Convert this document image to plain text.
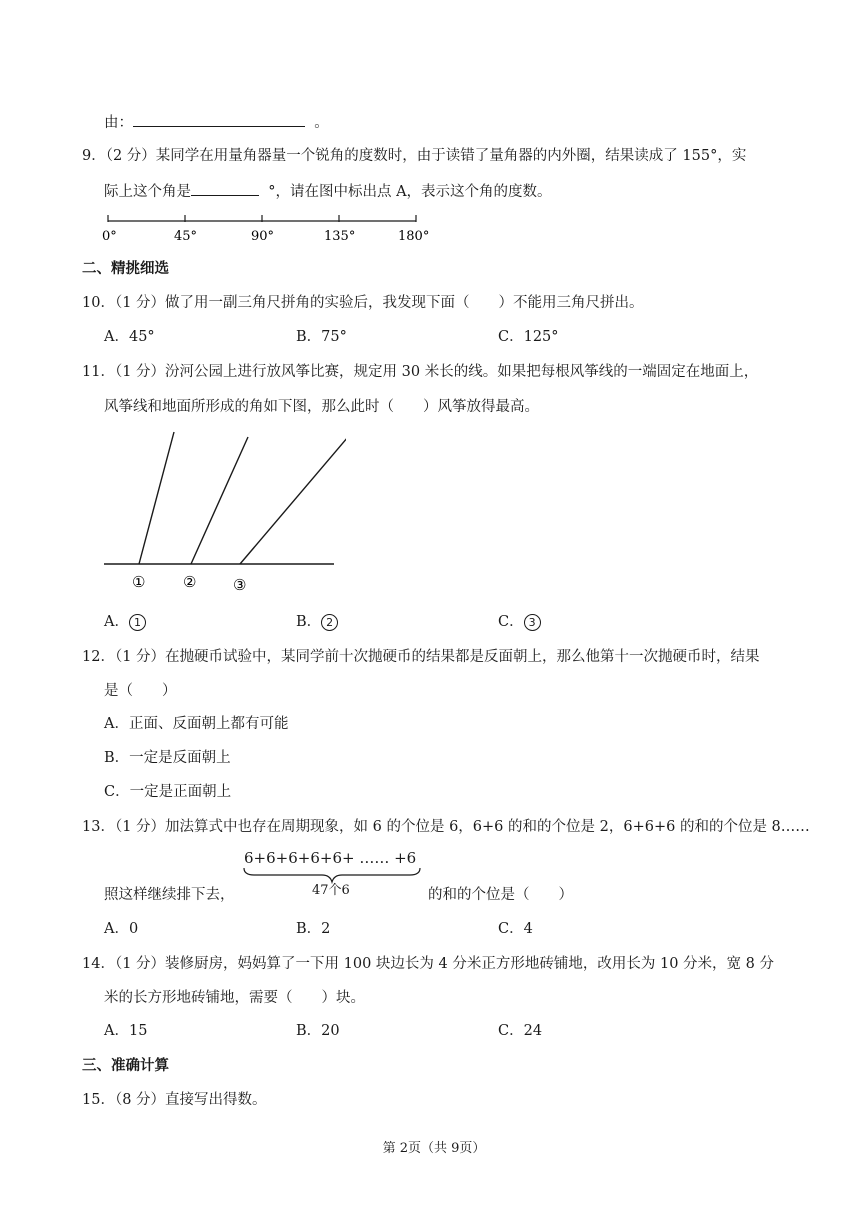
由：	。
9．（2 分）某同学在用量角器量一个锐角的度数时，由于读错了量角器的内外圈，结果读成了 155°，实
际上这个角是	°，请在图中标出点 A，表示这个角的度数。
0°	45°	90°	135°	180°
二、精挑细选
10．（1 分）做了用一副三角尺拼角的实验后，我发现下面（　　）不能用三角尺拼出。
A．45°	B．75°	C．125°
11．（1 分）汾河公园上进行放风筝比赛，规定用 30 米长的线。如果把每根风筝线的一端固定在地面上，
风筝线和地面所形成的角如下图，那么此时（　　）风筝放得最高。
①	② ③
A． 1	B． 2	C． 3
12．（1 分）在抛硬币试验中，某同学前十次抛硬币的结果都是反面朝上，那么他第十一次抛硬币时，结果
是（　　）
A．正面、反面朝上都有可能
B．一定是反面朝上
C．一定是正面朝上
13．（1 分）加法算式中也存在周期现象，如 6 的个位是 6，6+6 的和的个位是 2，6+6+6 的和的个位是 8……
6+6+6+6+6+ …… +6
47个6
照这样继续排下去，	的和的个位是（　　）
A．0	B．2	C．4
14．（1 分）装修厨房，妈妈算了一下用 100 块边长为 4 分米正方形地砖铺地，改用长为 10 分米，宽 8 分
米的长方形地砖铺地，需要（　　）块。
A．15	B．20	C．24
三、准确计算
15．（8 分）直接写出得数。
第 2页（共 9页）
